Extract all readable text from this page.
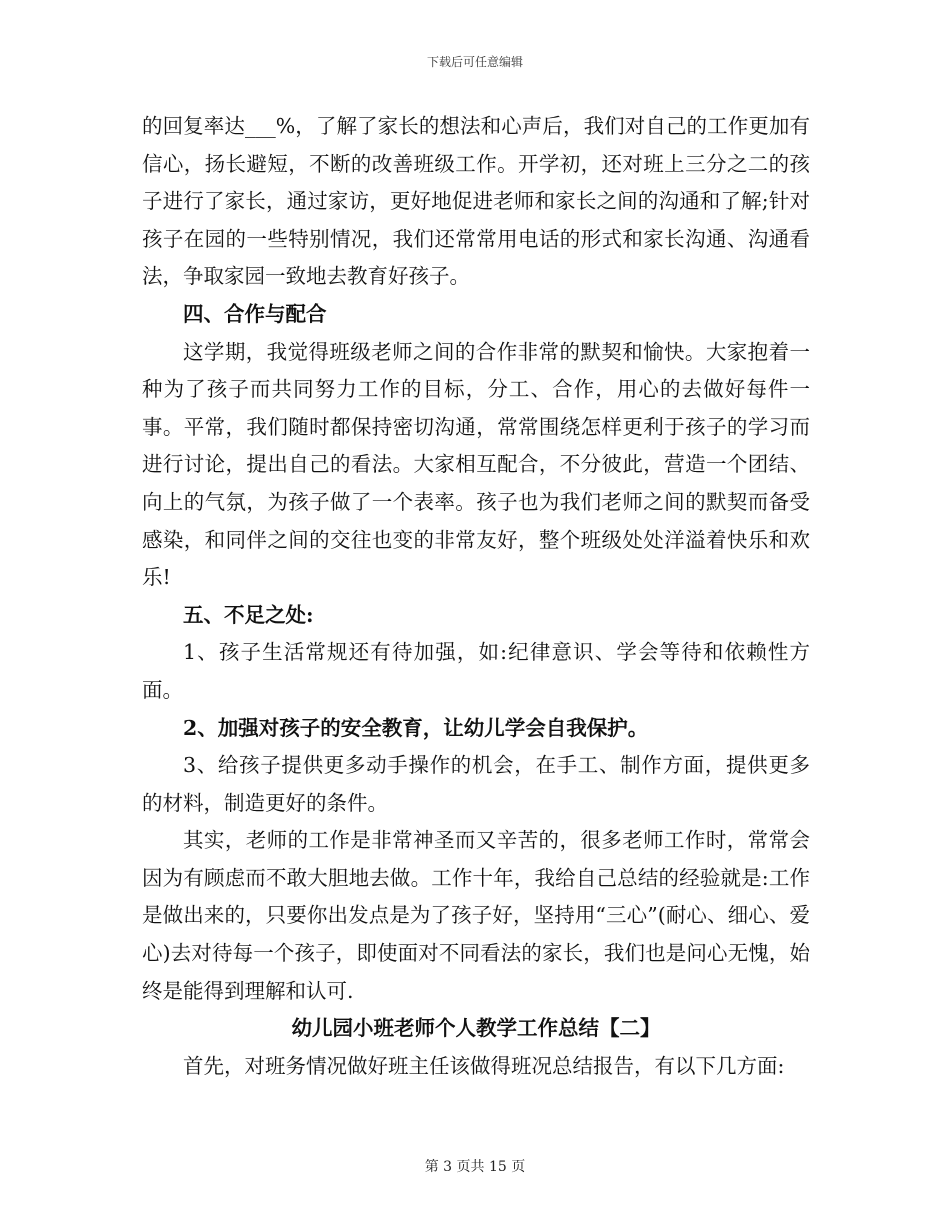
下载后可任意编辑

的回复率达___%，了解了家长的想法和心声后，我们对自己的工作更加有信心，扬长避短，不断的改善班级工作。开学初，还对班上三分之二的孩子进行了家长，通过家访，更好地促进老师和家长之间的沟通和了解;针对孩子在园的一些特别情况，我们还常常用电话的形式和家长沟通、沟通看法，争取家园一致地去教育好孩子。

四、合作与配合

这学期，我觉得班级老师之间的合作非常的默契和愉快。大家抱着一种为了孩子而共同努力工作的目标，分工、合作，用心的去做好每件一事。平常，我们随时都保持密切沟通，常常围绕怎样更利于孩子的学习而进行讨论，提出自己的看法。大家相互配合，不分彼此，营造一个团结、向上的气氛，为孩子做了一个表率。孩子也为我们老师之间的默契而备受感染，和同伴之间的交往也变的非常友好，整个班级处处洋溢着快乐和欢乐!

五、不足之处:

1、孩子生活常规还有待加强，如:纪律意识、学会等待和依赖性方面。

2、加强对孩子的安全教育，让幼儿学会自我保护。

3、给孩子提供更多动手操作的机会，在手工、制作方面，提供更多的材料，制造更好的条件。

其实，老师的工作是非常神圣而又辛苦的，很多老师工作时，常常会因为有顾虑而不敢大胆地去做。工作十年，我给自己总结的经验就是:工作是做出来的，只要你出发点是为了孩子好，坚持用“三心”(耐心、细心、爱心)去对待每一个孩子，即使面对不同看法的家长，我们也是问心无愧，始终是能得到理解和认可.

幼儿园小班老师个人教学工作总结【二】

首先，对班务情况做好班主任该做得班况总结报告，有以下几方面:

第 3 页共 15 页
